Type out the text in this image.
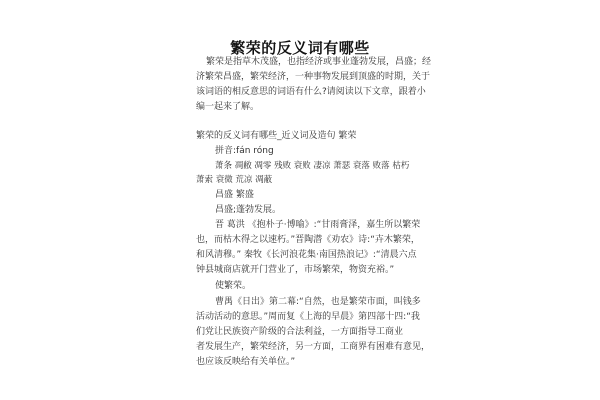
繁荣的反义词有哪些
繁荣是指草木茂盛，也指经济或事业蓬勃发展，昌盛；经
济繁荣昌盛，繁荣经济，一种事物发展到顶盛的时期，关于
该词语的相反意思的词语有什么?请阅读以下文章，跟着小
编一起来了解。
繁荣的反义词有哪些_近义词及造句 繁荣
拼音:fán róng
萧条 凋敝 凋零 残败 衰败 凄凉 萧瑟 衰落 败落 枯朽
萧索 衰微 荒凉 凋蔽
昌盛 繁盛
昌盛;蓬勃发展。
晋 葛洪 《抱朴子·博喻》:“甘雨膏泽，嘉生所以繁荣
也，而枯木得之以速朽。”晋陶潜《劝农》诗:“卉木繁荣，
和风清穆。” 秦牧《长河浪花集·南国热浪记》:“清晨六点
钟县城商店就开门营业了，市场繁荣，物资充裕。”
使繁荣。
曹禺《日出》第二幕:“自然，也是繁荣市面，叫钱多
活动活动的意思。”周而复《上海的早晨》第四部十四:“我
们党让民族资产阶级的合法利益，一方面指导工商业
者发展生产，繁荣经济，另一方面，工商界有困难有意见，
也应该反映给有关单位。”
